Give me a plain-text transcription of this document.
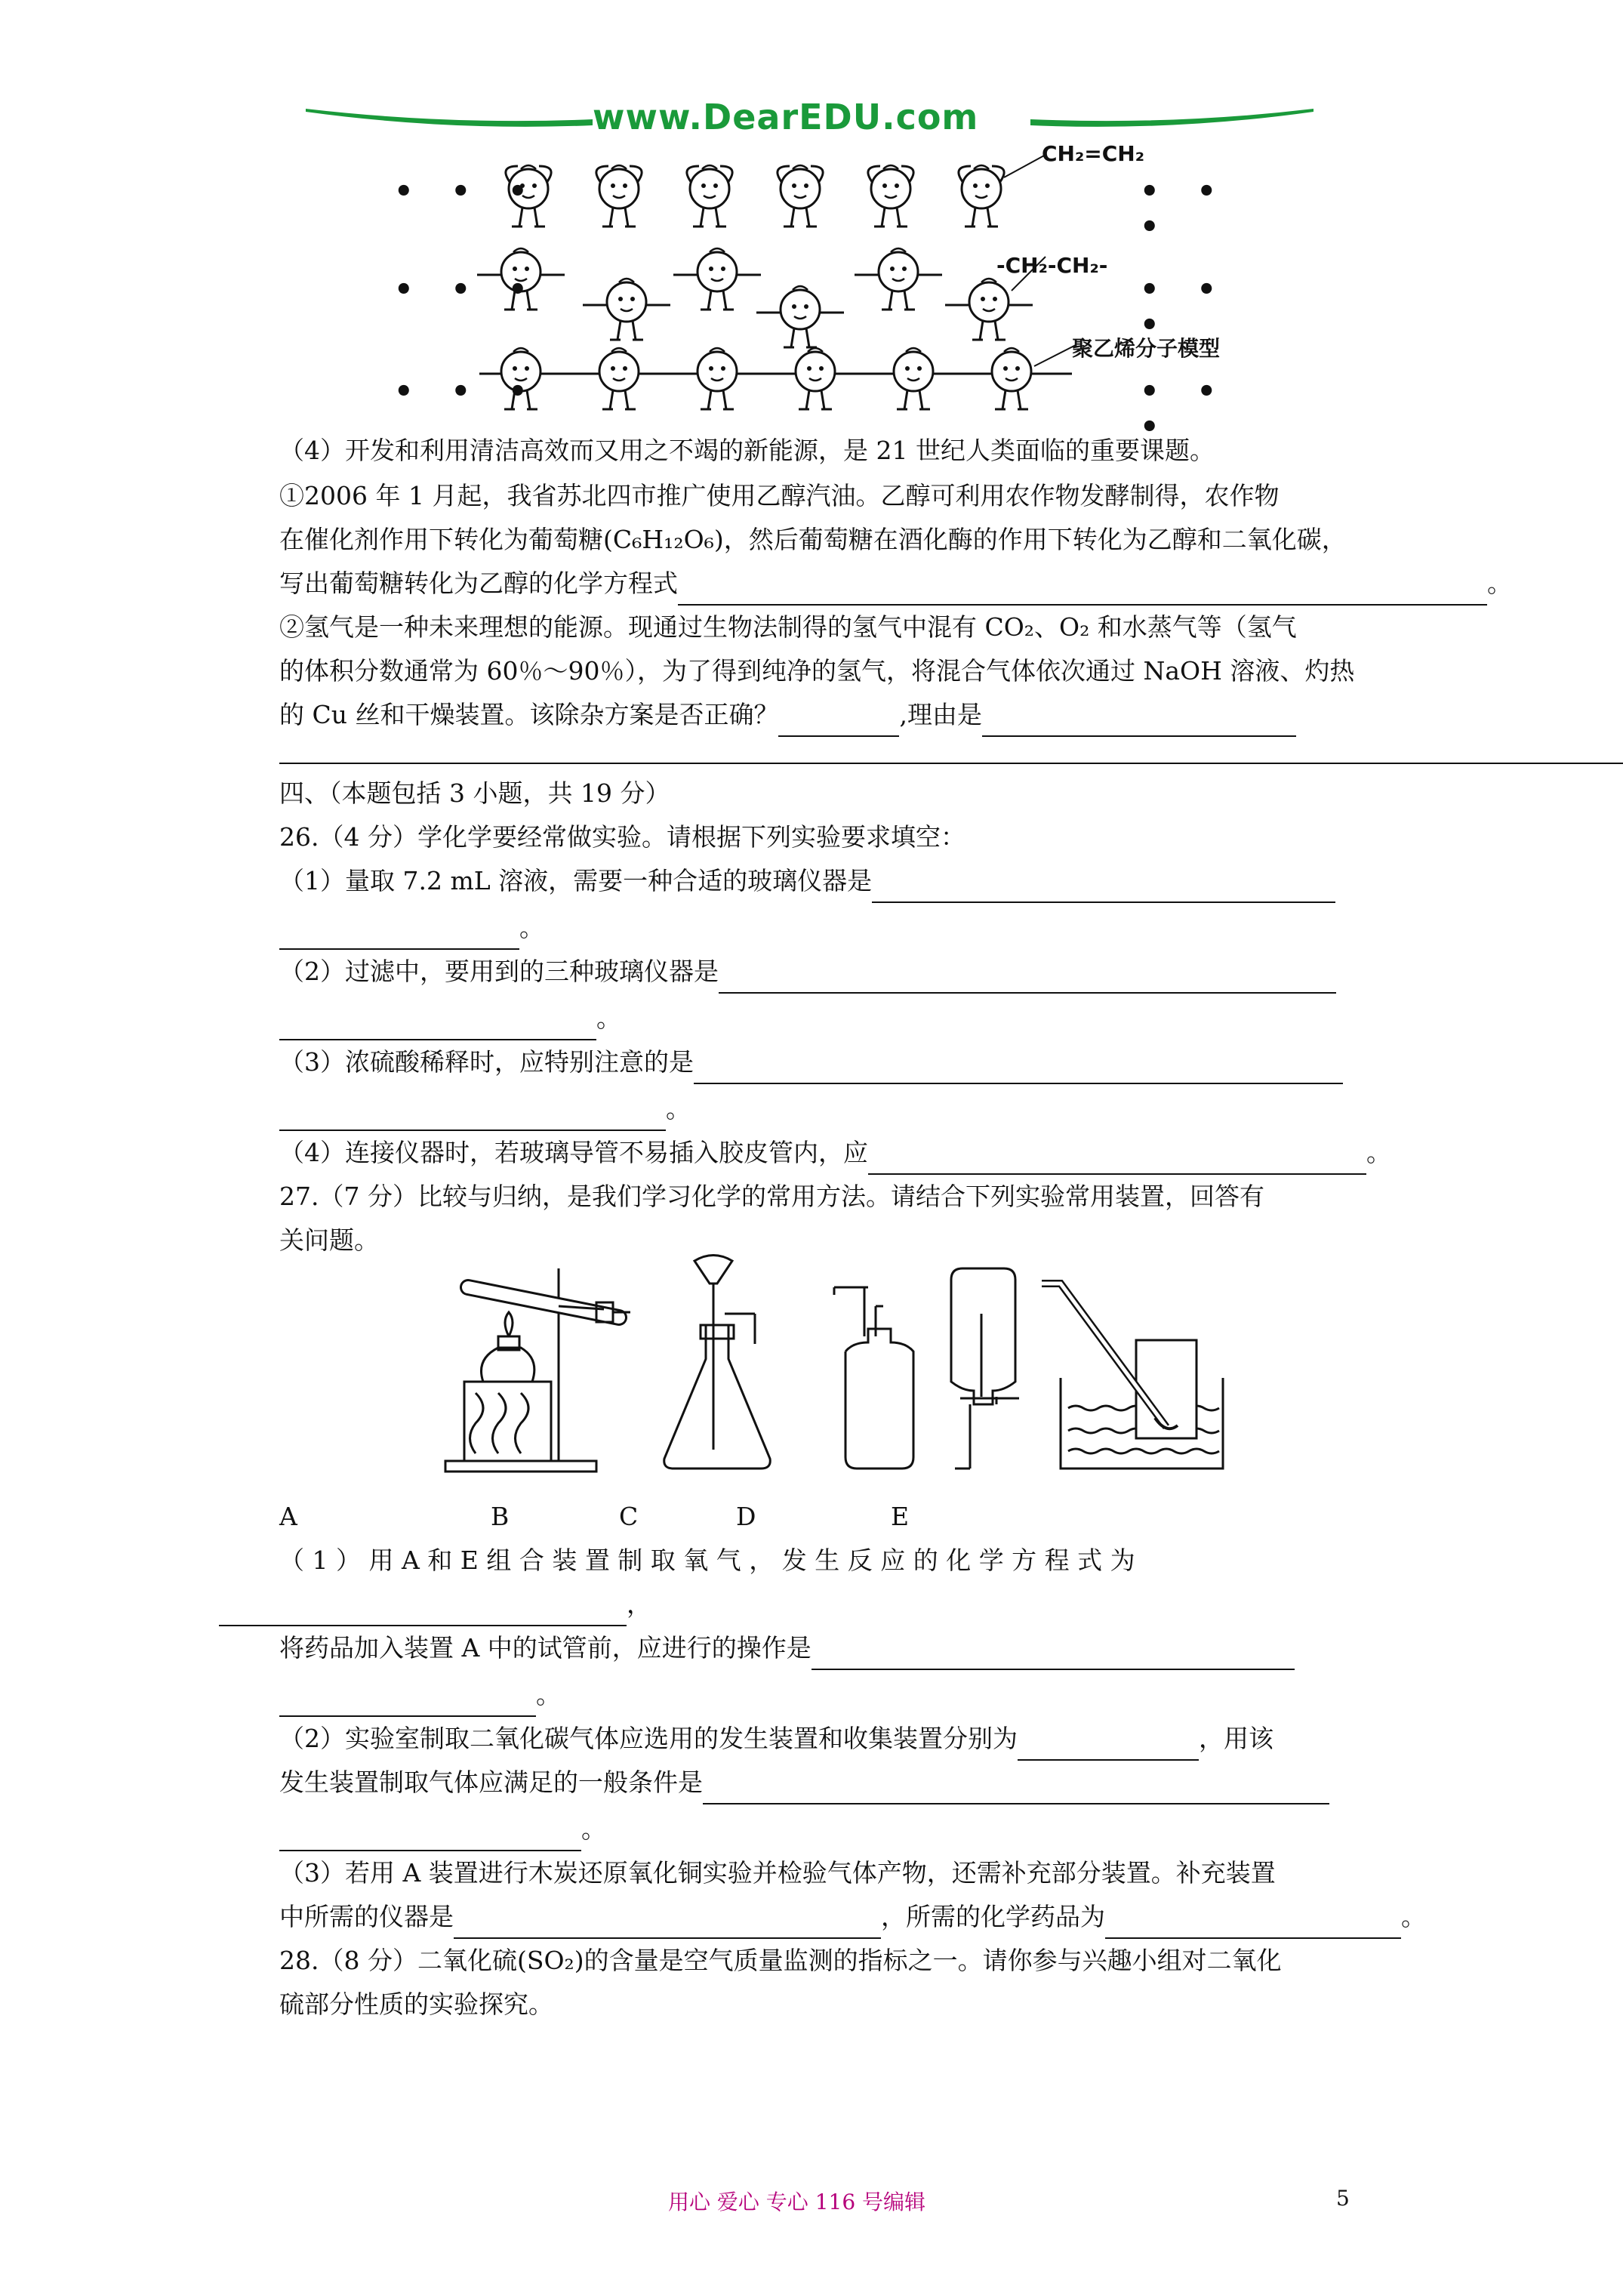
www.DearEDU.com
• • •	• • •
• • •	• • •
• • •	• • •
CH₂=CH₂
-CH₂-CH₂-
聚乙烯分子模型
（4）开发和利用清洁高效而又用之不竭的新能源，是 21 世纪人类面临的重要课题。
①2006 年 1 月起，我省苏北四市推广使用乙醇汽油。乙醇可利用农作物发酵制得，农作物
在催化剂作用下转化为葡萄糖(C₆H₁₂O₆)，然后葡萄糖在酒化酶的作用下转化为乙醇和二氧化碳，
写出葡萄糖转化为乙醇的化学方程式	。
②氢气是一种未来理想的能源。现通过生物法制得的氢气中混有 CO₂、O₂ 和水蒸气等（氢气
的体积分数通常为 60％～90％），为了得到纯净的氢气，将混合气体依次通过 NaOH 溶液、灼热
的 Cu 丝和干燥装置。该除杂方案是否正确？	,理由是
四、（本题包括 3 小题，共 19 分）
26.（4 分）学化学要经常做实验。请根据下列实验要求填空：
（1）量取 7.2 mL 溶液，需要一种合适的玻璃仪器是
。
（2）过滤中，要用到的三种玻璃仪器是
。
（3）浓硫酸稀释时，应特别注意的是
。
（4）连接仪器时，若玻璃导管不易插入胶皮管内，应	。
27.（7 分）比较与归纳，是我们学习化学的常用方法。请结合下列实验常用装置，回答有
关问题。
A	B	C	D	E
（ 1 ） 用 A 和 E 组 合 装 置 制 取 氧 气 ， 发 生 反 应 的 化 学 方 程 式 为
，
将药品加入装置 A 中的试管前，应进行的操作是
。
（2）实验室制取二氧化碳气体应选用的发生装置和收集装置分别为	，用该
发生装置制取气体应满足的一般条件是
。
（3）若用 A 装置进行木炭还原氧化铜实验并检验气体产物，还需补充部分装置。补充装置
中所需的仪器是	，所需的化学药品为	。
28.（8 分）二氧化硫(SO₂)的含量是空气质量监测的指标之一。请你参与兴趣小组对二氧化
硫部分性质的实验探究。
用心 爱心 专心 116 号编辑	5
